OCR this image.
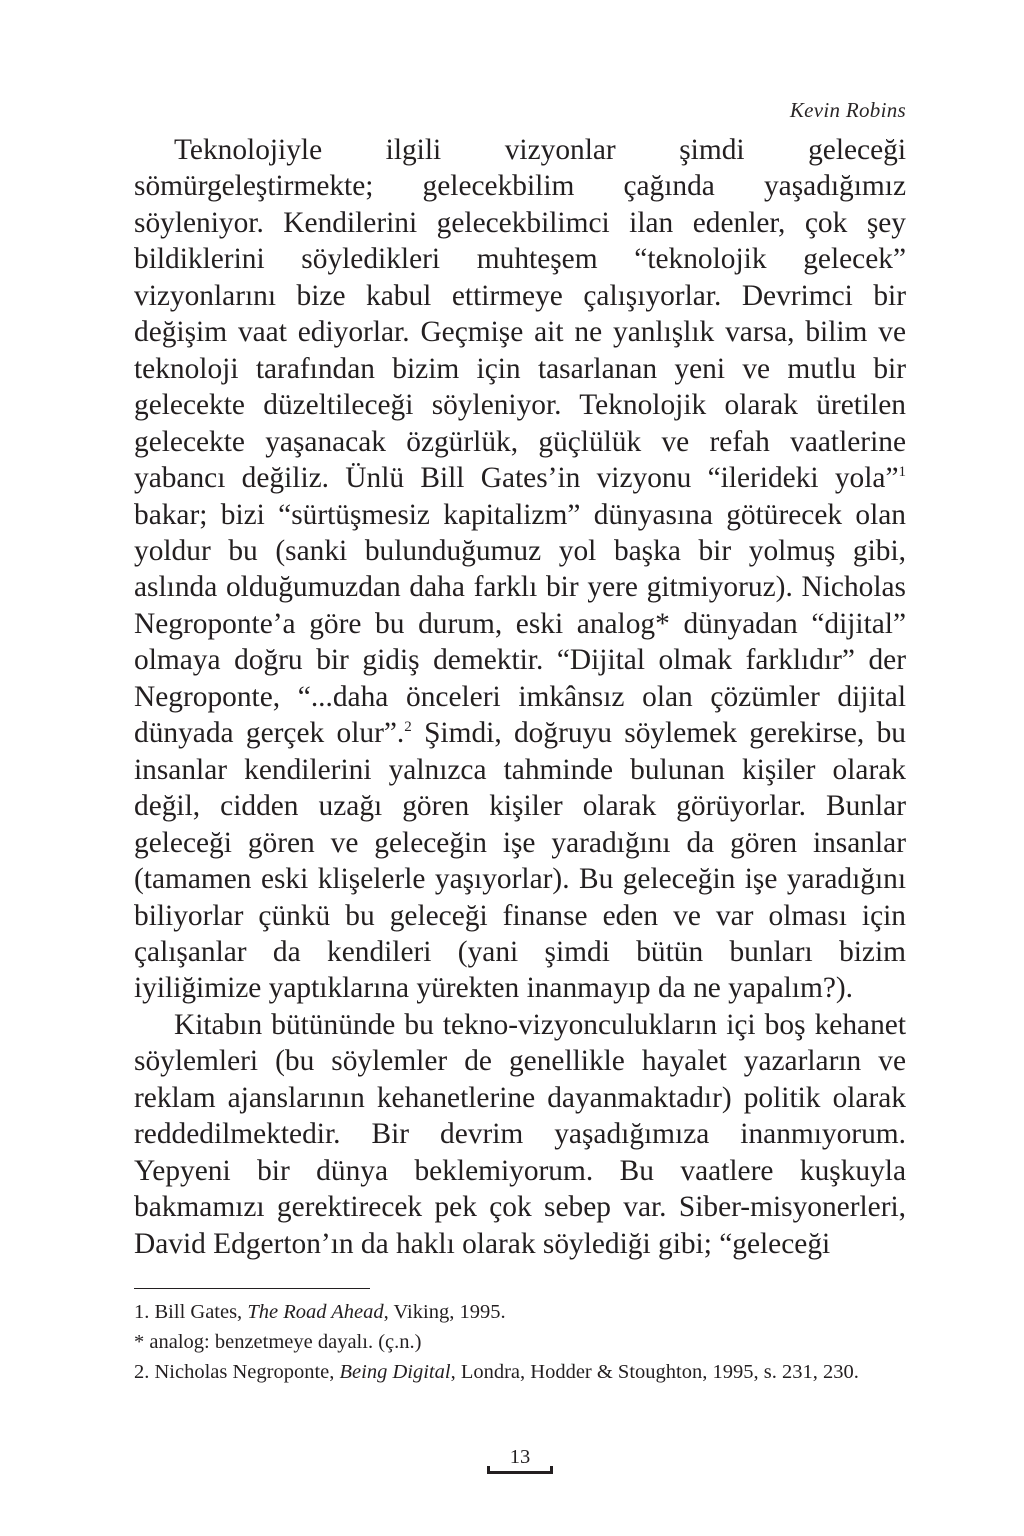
Kevin Robins

Teknolojiyle ilgili vizyonlar şimdi geleceği sömürgeleştirmekte; gelecekbilim çağında yaşadığımız söyleniyor. Kendilerini gelecekbilimci ilan edenler, çok şey bildiklerini söyledikleri muhteşem “teknolojik gelecek” vizyonlarını bize kabul ettirmeye çalışıyorlar. Devrimci bir değişim vaat ediyorlar. Geçmişe ait ne yanlışlık varsa, bilim ve teknoloji tarafından bizim için tasarlanan yeni ve mutlu bir gelecekte düzeltileceği söyleniyor. Teknolojik olarak üretilen gelecekte yaşanacak özgürlük, güçlülük ve refah vaatlerine yabancı değiliz. Ünlü Bill Gates’in vizyonu “ilerideki yola”$^1$ bakar; bizi “sürtüşmesiz kapitalizm” dünyasına götürecek olan yoldur bu (sanki bulunduğumuz yol başka bir yolmuş gibi, aslında olduğumuzdan daha farklı bir yere gitmiyoruz). Nicholas Negroponte’a göre bu durum, eski analog* dünyadan “dijital” olmaya doğru bir gidiş demektir. “Dijital olmak farklıdır” der Negroponte, “...daha önceleri imkânsız olan çözümler dijital dünyada gerçek olur”.$^2$ Şimdi, doğruyu söylemek gerekirse, bu insanlar kendilerini yalnızca tahminde bulunan kişiler olarak değil, cidden uzağı gören kişiler olarak görüyorlar. Bunlar geleceği gören ve geleceğin işe yaradığını da gören insanlar (tamamen eski klişelerle yaşıyorlar). Bu geleceğin işe yaradığını biliyorlar çünkü bu geleceği finanse eden ve var olması için çalışanlar da kendileri (yani şimdi bütün bunları bizim iyiliğimize yaptıklarına yürekten inanmayıp da ne yapalım?).

Kitabın bütününde bu tekno-vizyonculukların içi boş kehanet söylemleri (bu söylemler de genellikle hayalet yazarların ve reklam ajanslarının kehanetlerine dayanmaktadır) politik olarak reddedilmektedir. Bir devrim yaşadığımıza inanmıyorum. Yepyeni bir dünya beklemiyorum. Bu vaatlere kuşkuyla bakmamızı gerektirecek pek çok sebep var. Siber-misyonerleri, David Edgerton’ın da haklı olarak söylediği gibi; “geleceği

1. Bill Gates, The Road Ahead, Viking, 1995.

* analog: benzetmeye dayalı. (ç.n.)

2. Nicholas Negroponte, Being Digital, Londra, Hodder & Stoughton, 1995, s. 231, 230.

13
